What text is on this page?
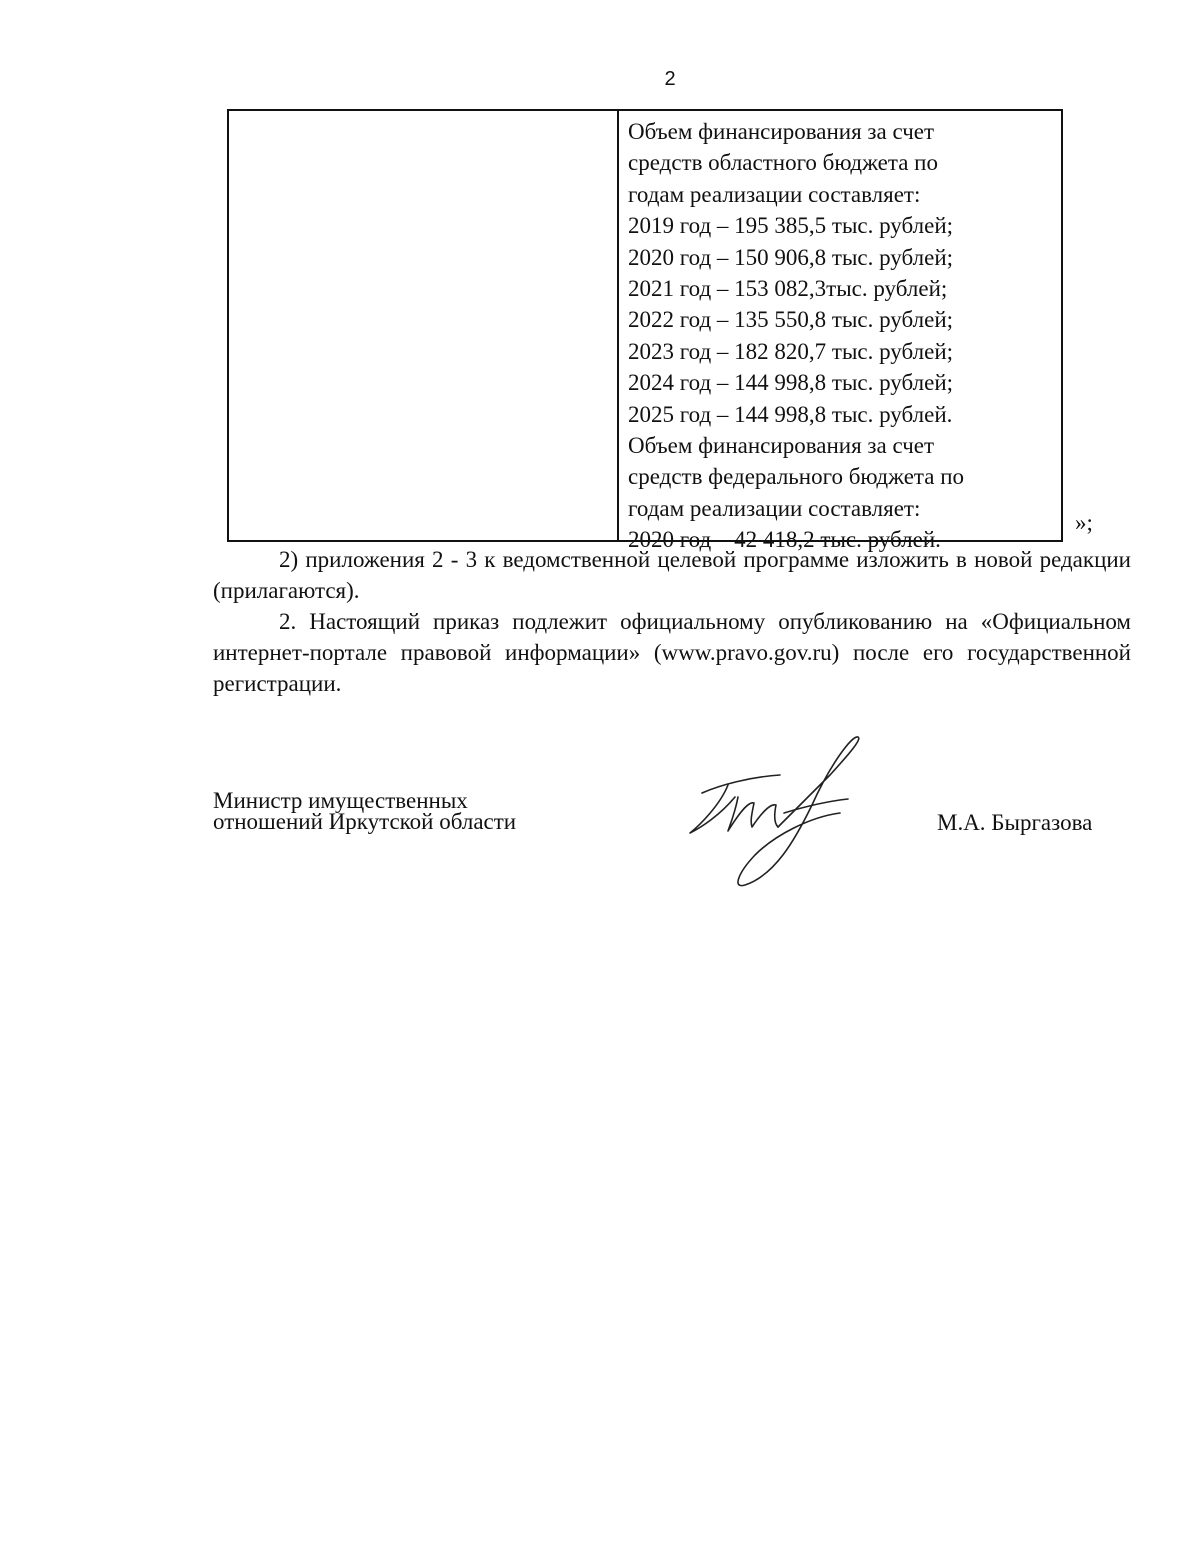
2
Объем финансирования за счет
средств областного бюджета по
годам реализации составляет:
2019 год – 195 385,5 тыс. рублей;
2020 год – 150 906,8 тыс. рублей;
2021 год – 153 082,3тыс. рублей;
2022 год – 135 550,8 тыс. рублей;
2023 год – 182 820,7 тыс. рублей;
2024 год – 144 998,8 тыс. рублей;
2025 год – 144 998,8 тыс. рублей.
Объем финансирования за счет
средств федерального бюджета по
годам реализации составляет:
2020 год – 42 418,2 тыс. рублей.
»;

2) приложения 2 - 3 к ведомственной целевой программе изложить в новой редакции (прилагаются).

2. Настоящий приказ подлежит официальному опубликованию на «Официальном интернет-портале правовой информации» (www.pravo.gov.ru) после его государственной регистрации.

Министр имущественных
отношений Иркутской области	М.А. Быргазова
